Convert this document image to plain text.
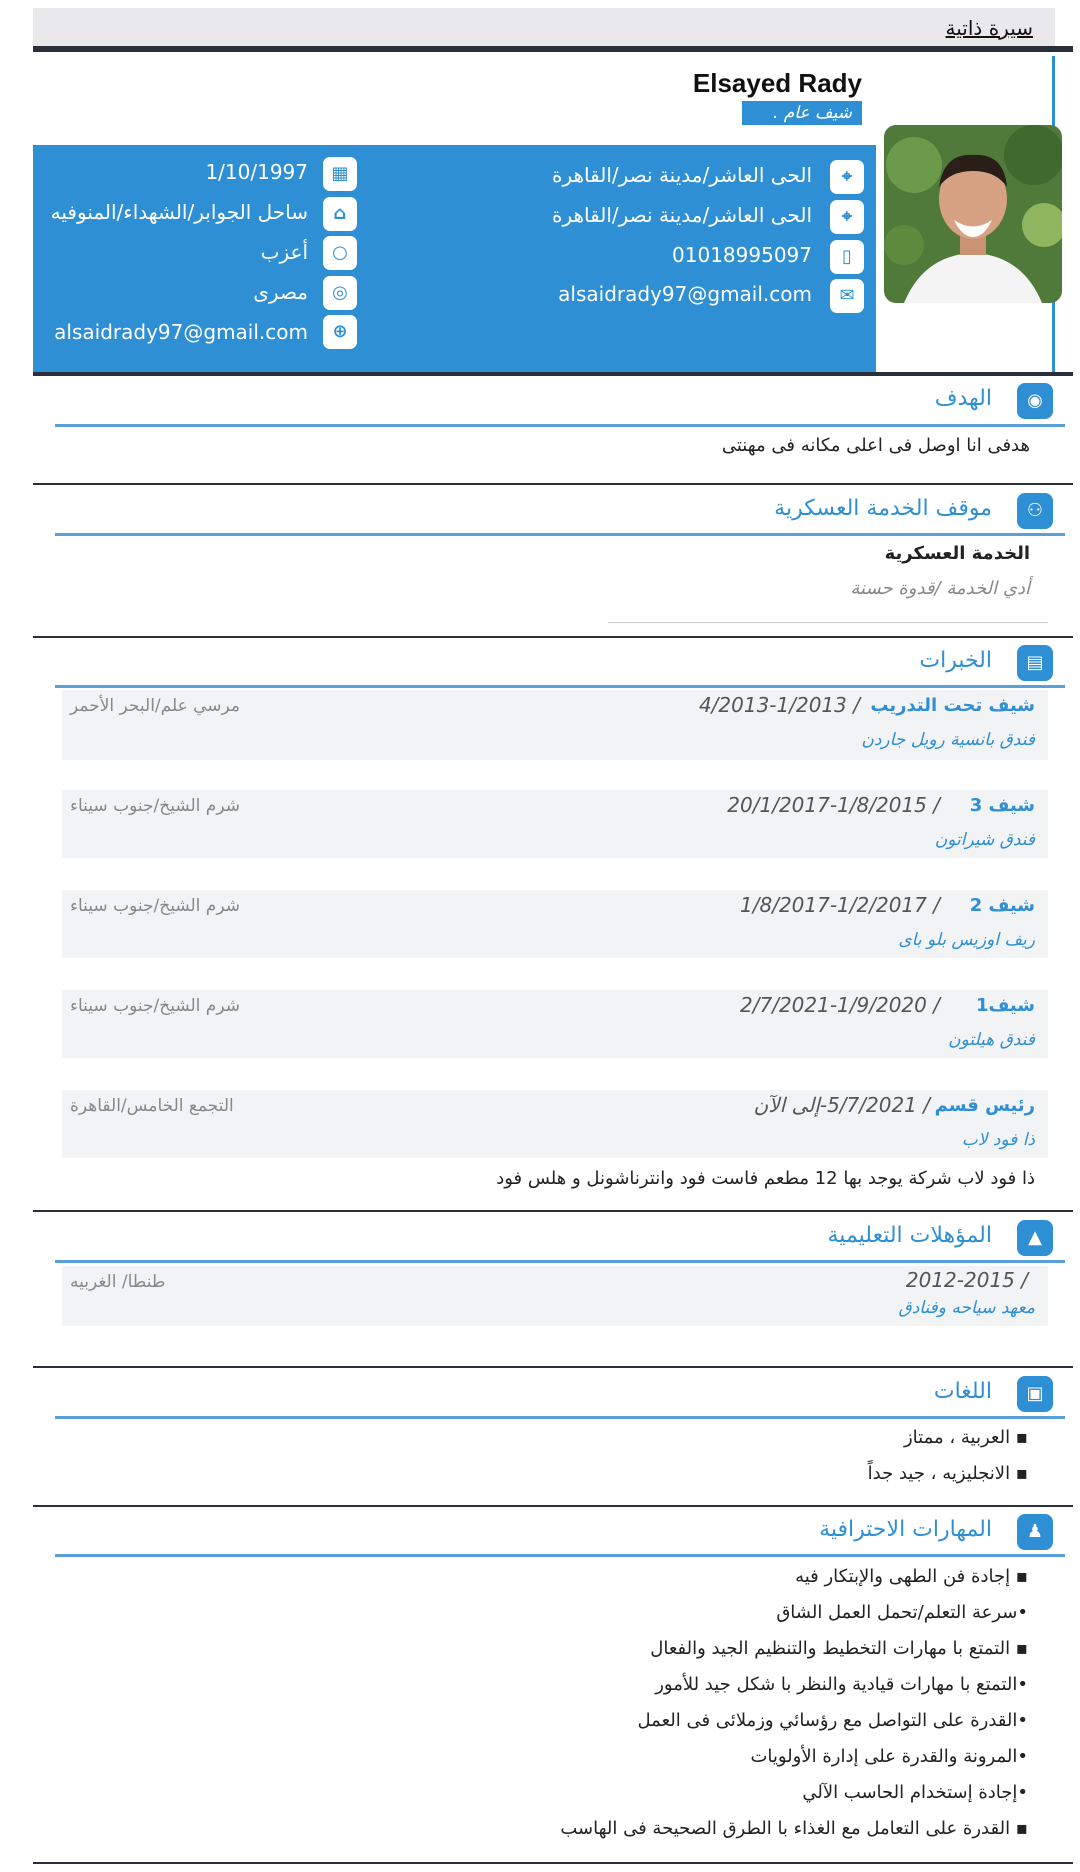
سيرة ذاتية
Elsayed Rady
شيف عام .
⌖
⌖
▯
✉
الحى العاشر/مدينة نصر/القاهرة
الحى العاشر/مدينة نصر/القاهرة
01018995097
alsaidrady97@gmail.com
▦
⌂
○
◎
⊕
1/10/1997
ساحل الجوابر/الشهداء/المنوفيه
أعزب
مصرى
alsaidrady97@gmail.com
◉
الهدف
هدفى انا اوصل فى اعلى مكانه فى مهنتى
⚇
موقف الخدمة العسكرية
الخدمة العسكرية
أدي الخدمة /قدوة حسنة
▤
الخبرات
شيف تحت التدريب
4/2013-1/2013 /
فندق بانسية رويل جاردن
مرسي علم/البحر الأحمر
شيف 3
20/1/2017-1/8/2015 /
فندق شيراتون
شرم الشيخ/جنوب سيناء
شيف 2
1/8/2017-1/2/2017 /
ريف اوزيس بلو باى
شرم الشيخ/جنوب سيناء
شيف1
2/7/2021-1/9/2020 /
فندق هيلتون
شرم الشيخ/جنوب سيناء
رئيس قسم
/ 5/7/2021-إلى الآن
ذا فود لاب
التجمع الخامس/القاهرة
ذا فود لاب شركة يوجد بها 12 مطعم فاست فود وانترناشونل و هلس فود
▲
المؤهلات التعليمية
2012-2015 /
معهد سياحه وفنادق
طنطا/ الغربيه
▣
اللغات
▪ العربية ، ممتاز
▪ الانجليزيه ، جيد جداً
♟
المهارات الاحترافية
▪ إجادة فن الطهى والإبتكار فيه
•سرعة التعلم/تحمل العمل الشاق
▪ التمتع با مهارات التخطيط والتنظيم الجيد والفعال
•التمتع با مهارات قيادية والنظر با شكل جيد للأمور
•القدرة على التواصل مع رؤسائي وزملائى فى العمل
•المرونة والقدرة على إدارة الأولويات
•إجادة إستخدام الحاسب الآلي
▪ القدرة على التعامل مع الغذاء با الطرق الصحيحة فى الهاسب
